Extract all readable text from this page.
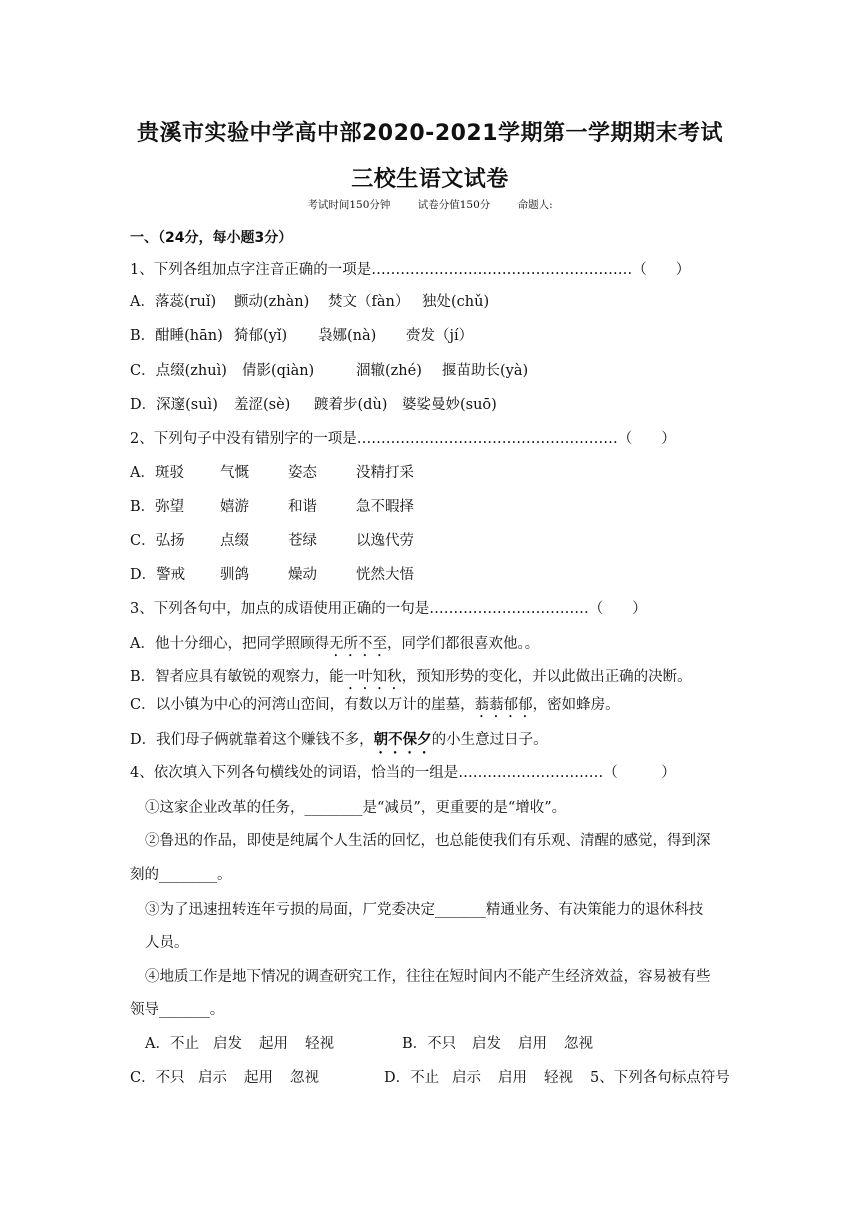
贵溪市实验中学高中部2020-2021学期第一学期期末考试
三校生语文试卷
考试时间150分钟	试卷分值150分	命题人:
一、（24分，每小题3分）
1、下列各组加点字注音正确的一项是………………………………………………（　　）
A．落蕊(ruǐ) 颤动(zhàn) 焚文（fàn） 独处(chǔ)
B．酣睡(hān) 猗郁(yǐ) 袅娜(nà) 赍发（jí）
C．点缀(zhuì) 倩影(qiàn)	涸辙(zhé) 揠苗助长(yà)
D．深邃(suì) 羞涩(sè) 踱着步(dù) 婆娑曼妙(suō)
2、下列句子中没有错别字的一项是………………………………………………（　　）
A．斑驳 气慨	姿态	没精打采
B．弥望 嬉游	和谐	急不暇择
C．弘扬 点缀	苍绿	以逸代劳
D．警戒 驯鸽	燥动	恍然大悟
3、下列各句中，加点的成语使用正确的一句是……………………………（　　）
A．他十分细心，把同学照顾得无所不至，同学们都很喜欢他。。
B．智者应具有敏锐的观察力，能一叶知秋，预知形势的变化，并以此做出正确的决断。
C．以小镇为中心的河湾山峦间，有数以万计的崖墓，蓊蓊郁郁，密如蜂房。
D．我们母子俩就靠着这个赚钱不多，朝不保夕的小生意过日子。
4、依次填入下列各句横线处的词语，恰当的一组是…………………………（　　　）
①这家企业改革的任务，________是“减员”，更重要的是“增收”。
②鲁迅的作品，即使是纯属个人生活的回忆，也总能使我们有乐观、清醒的感觉，得到深
刻的________。
③为了迅速扭转连年亏损的局面，厂党委决定_______精通业务、有决策能力的退休科技
人员。
④地质工作是地下情况的调查研究工作，往往在短时间内不能产生经济效益，容易被有些
领导_______。
A．不止 启发 起用 轻视	B．不只 启发 启用 忽视
C．不只 启示 起用 忽视	D．不止 启示 启用 轻视 5、下列各句标点符号
